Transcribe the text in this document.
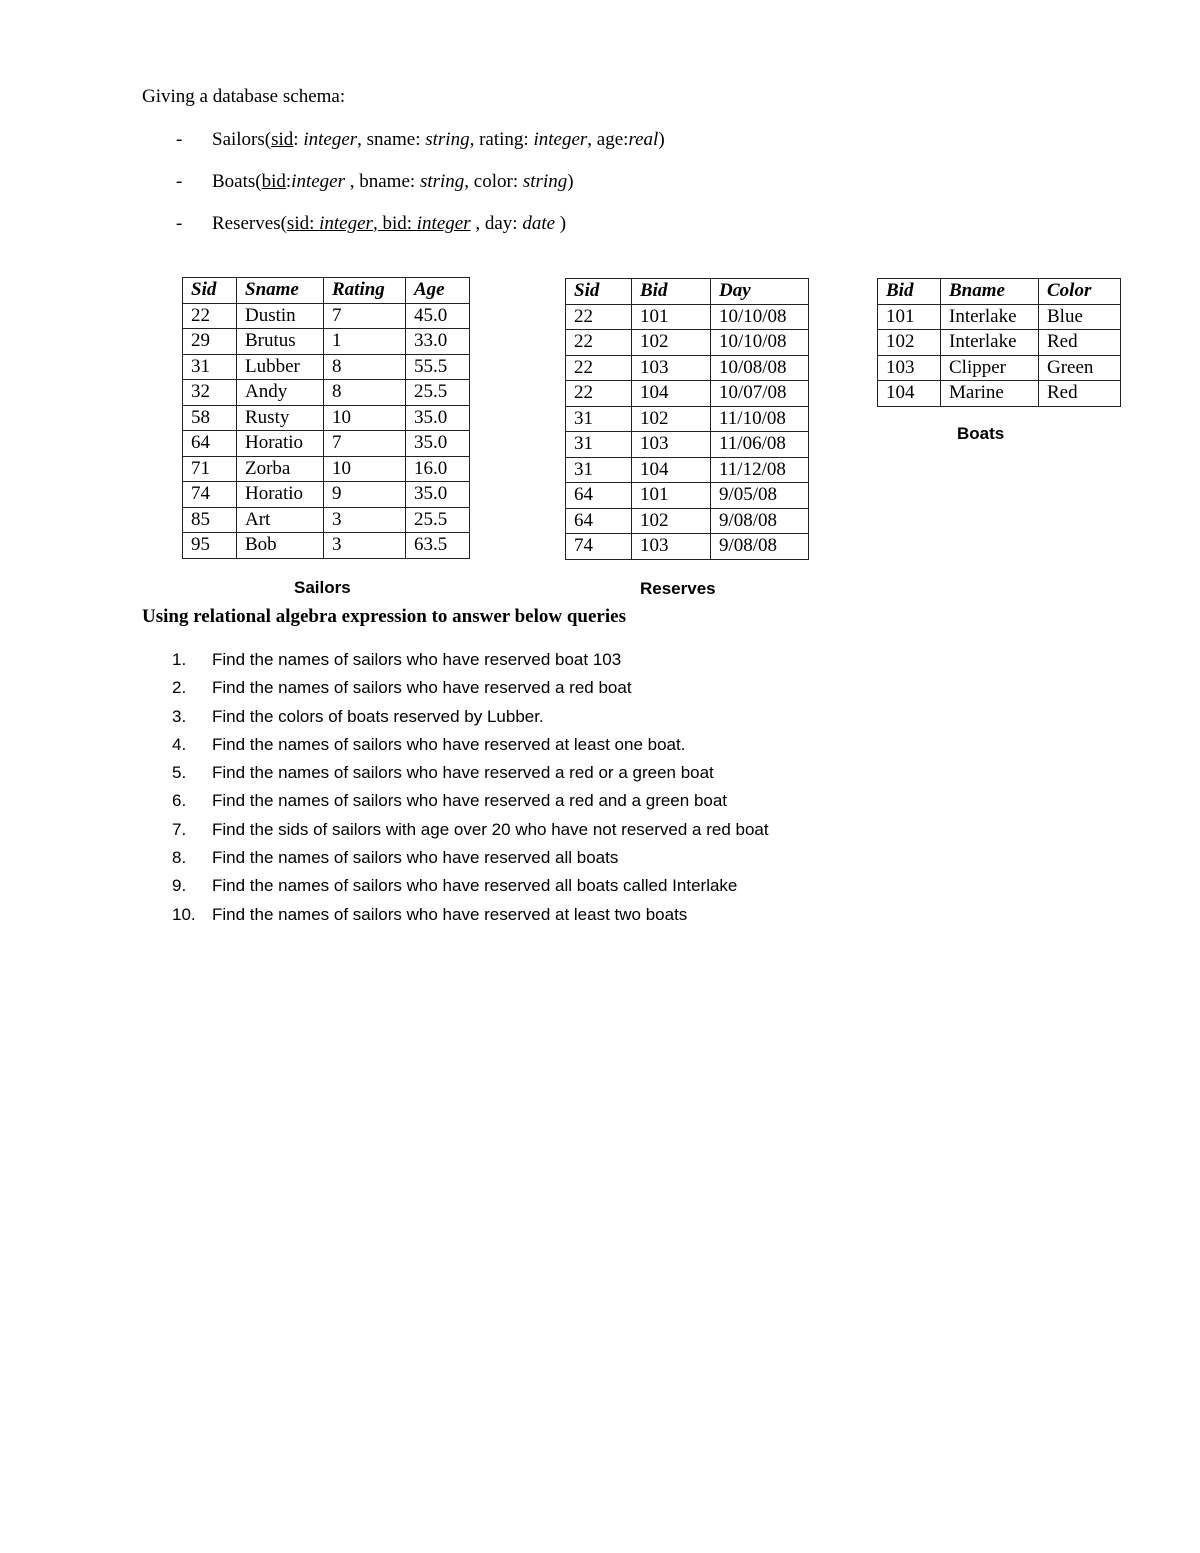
Giving a database schema:
- Sailors(sid: integer, sname: string, rating: integer, age:real)
- Boats(bid:integer , bname: string, color: string)
- Reserves(sid: integer, bid: integer , day: date )
Sid	Sname	Rating	Age
22	Dustin	7	45.0
29	Brutus	1	33.0
31	Lubber	8	55.5
32	Andy	8	25.5
58	Rusty	10	35.0
64	Horatio	7	35.0
71	Zorba	10	16.0
74	Horatio	9	35.0
85	Art	3	25.5
95	Bob	3	63.5
Sailors
Sid	Bid	Day
22	101	10/10/08
22	102	10/10/08
22	103	10/08/08
22	104	10/07/08
31	102	11/10/08
31	103	11/06/08
31	104	11/12/08
64	101	9/05/08
64	102	9/08/08
74	103	9/08/08
Reserves
Bid	Bname	Color
101	Interlake	Blue
102	Interlake	Red
103	Clipper	Green
104	Marine	Red
Boats
Using relational algebra expression to answer below queries
1. Find the names of sailors who have reserved boat 103
2. Find the names of sailors who have reserved a red boat
3. Find the colors of boats reserved by Lubber.
4. Find the names of sailors who have reserved at least one boat.
5. Find the names of sailors who have reserved a red or a green boat
6. Find the names of sailors who have reserved a red and a green boat
7. Find the sids of sailors with age over 20 who have not reserved a red boat
8. Find the names of sailors who have reserved all boats
9. Find the names of sailors who have reserved all boats called Interlake
10. Find the names of sailors who have reserved at least two boats
